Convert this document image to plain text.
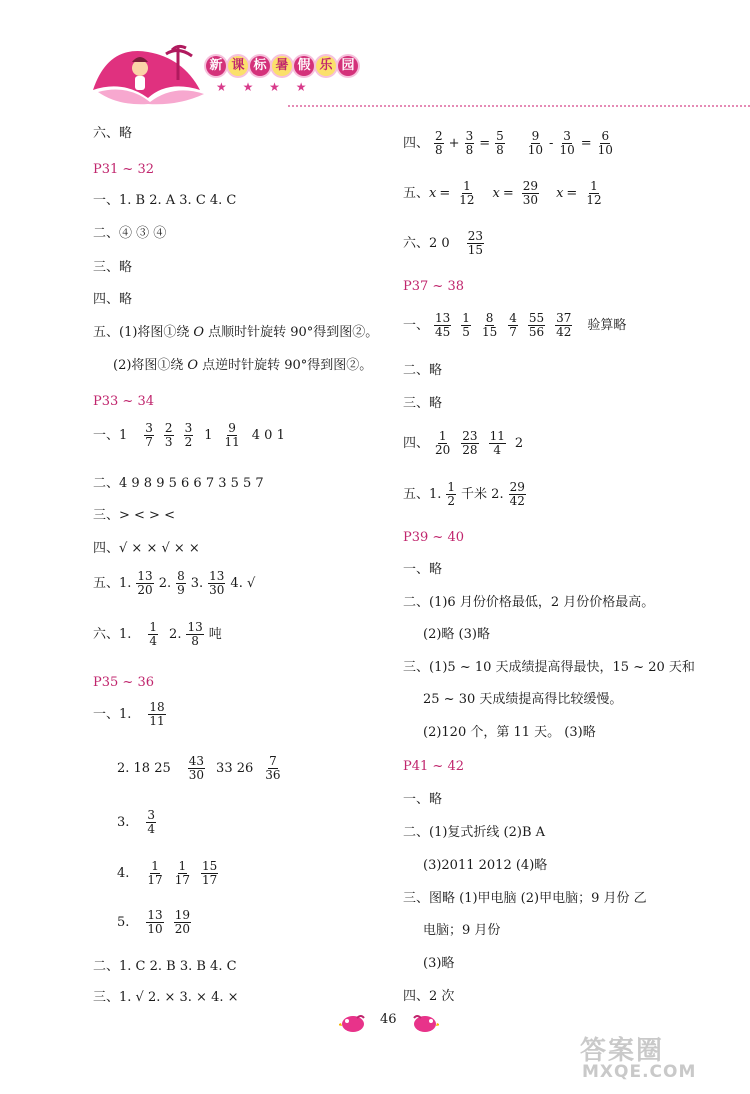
新 课 标 暑 假 乐 园
★ ★ ★ ★
六、略
P31 ~ 32
一、1. B 2. A 3. C 4. C
二、④ ③ ④
三、略
四、略
五、(1)将图①绕 O 点顺时针旋转 90°得到图②。
(2)将图①绕 O 点逆时针旋转 90°得到图②。
P33 ~ 34
一、$1 \frac{3}{7} \frac{2}{3} \frac{3}{2} 1 \frac{9}{11} 4$ 0 1
二、4 9 8 9 5 6 6 7 3 5 5 7
三、> < > <
四、√ × × √ × ×
五、1. $\frac{13}{20} 2$. $\frac{8}{9} 3$. $\frac{13}{30} 4$. √
六、1. $\frac{1}{4} 2$. $\frac{13}{8}$ 吨
P35 ~ 36
一、1. $\frac{18}{11}$
2. 18 $25 \frac{43}{30} 33$ $26 \frac{7}{36}$
3. $\frac{3}{4}$
4. $\frac{1}{17} \frac{1}{17} \frac{15}{17}$
5. $\frac{13}{10} \frac{19}{20}$
二、1. C 2. B 3. B 4. C
三、1. √ 2. × 3. × 4. ×
四、 $\frac{2}{8} + \frac{3}{8} = \frac{5}{8} \frac{9}{10} - \frac{3}{10} = \frac{6}{10}$
五、 $x = \frac{1}{12}$ $x = \frac{29}{30}$ $x = \frac{1}{12}$
六、2 $0 \frac{23}{15}$
P37 ~ 38
一、 $\frac{13}{45} \frac{1}{5} \frac{8}{15} \frac{4}{7} \frac{55}{56} \frac{37}{42}$ 验算略
二、略
三、略
四、 $\frac{1}{20} \frac{23}{28} \frac{11}{4} 2$
五、1. $\frac{1}{2}$ 千米 2. $\frac{29}{42}$
P39 ~ 40
一、略
二、(1)6 月份价格最低，2 月份价格最高。
(2)略 (3)略
三、(1)5 ~ 10 天成绩提高得最快，15 ~ 20 天和
25 ~ 30 天成绩提高得比较缓慢。
(2)120 个，第 11 天。 (3)略
P41 ~ 42
一、略
二、(1)复式折线 (2)B A
(3)2011 2012 (4)略
三、图略 (1)甲电脑 (2)甲电脑；9 月份 乙
电脑；9 月份
(3)略
四、2 次
46
答案圈
MXQE.COM
